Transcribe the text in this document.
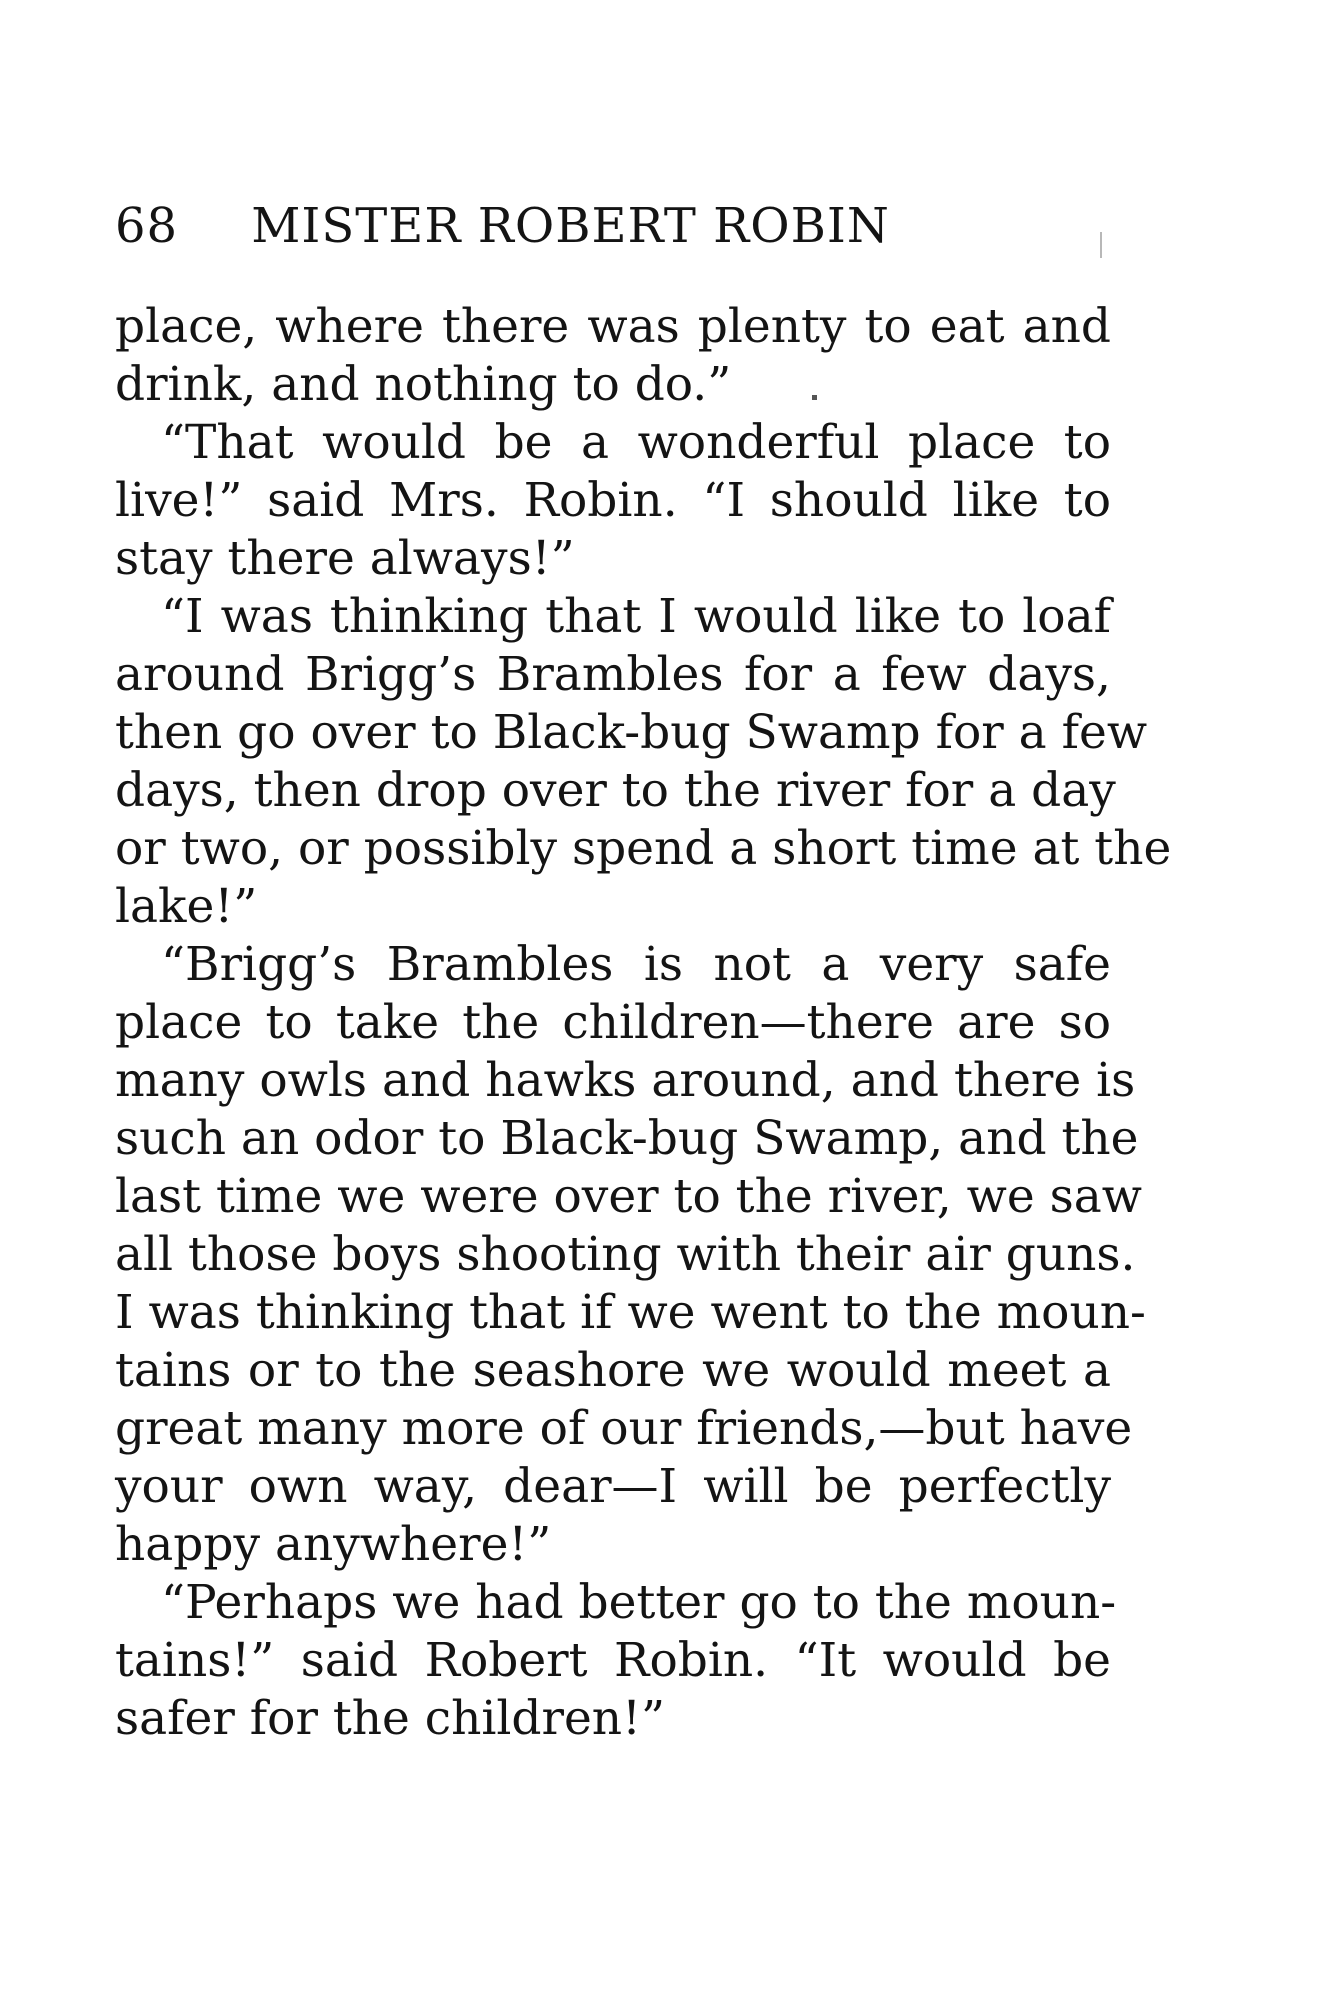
68 MISTER ROBERT ROBIN
place, where there was plenty to eat and
drink, and nothing to do.”
“That would be a wonderful place to
live!” said Mrs. Robin. “I should like to
stay there always!”
“I was thinking that I would like to loaf
around Brigg’s Brambles for a few days,
then go over to Black-bug Swamp for a few
days, then drop over to the river for a day
or two, or possibly spend a short time at the
lake!”
“Brigg’s Brambles is not a very safe
place to take the children—there are so
many owls and hawks around, and there is
such an odor to Black-bug Swamp, and the
last time we were over to the river, we saw
all those boys shooting with their air guns.
I was thinking that if we went to the moun-
tains or to the seashore we would meet a
great many more of our friends,—but have
your own way, dear—I will be perfectly
happy anywhere!”
“Perhaps we had better go to the moun-
tains!” said Robert Robin. “It would be
safer for the children!”
